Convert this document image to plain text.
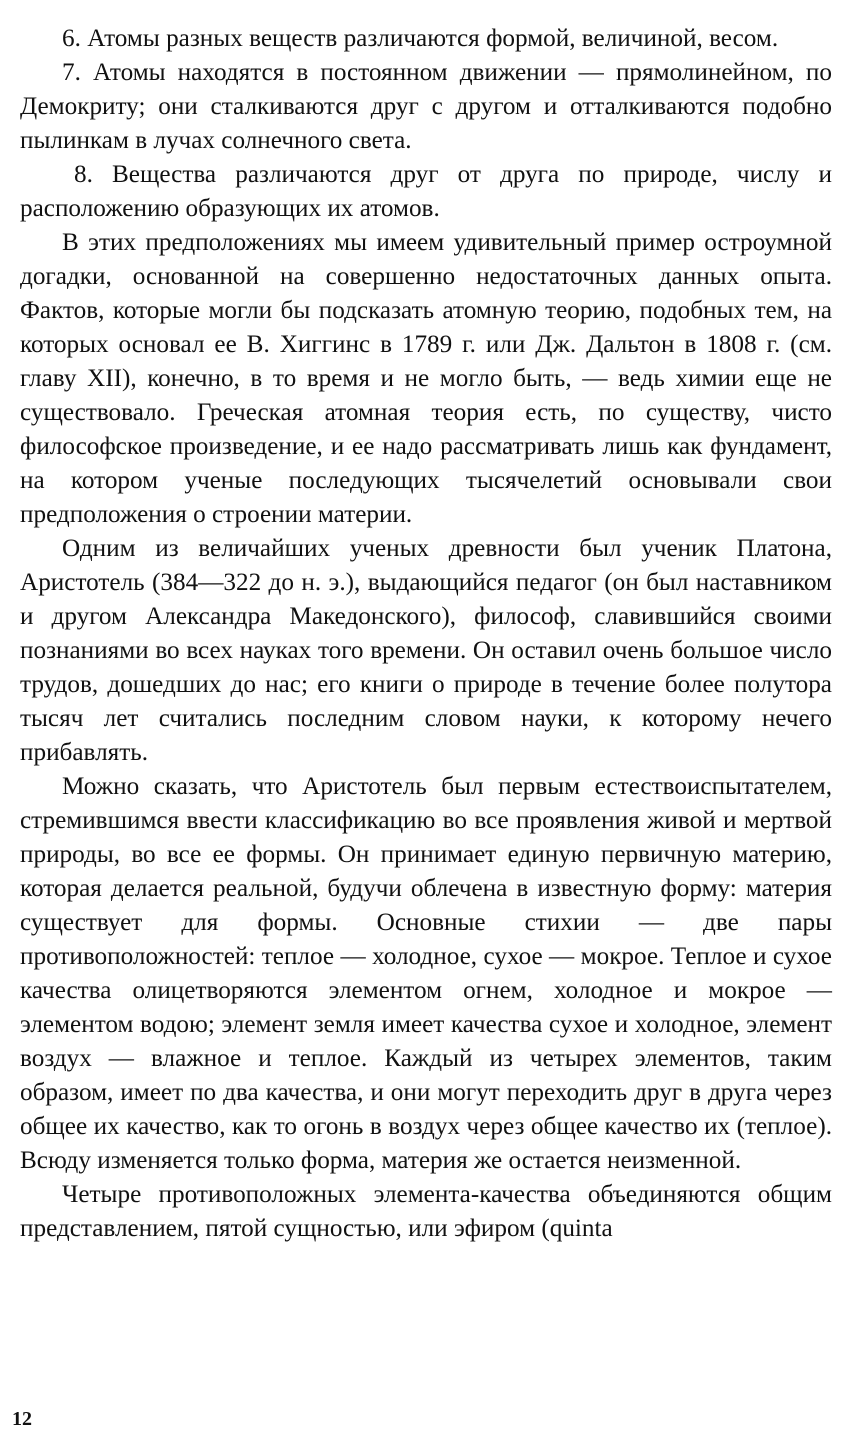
6. Атомы разных веществ различаются формой, величиной, весом.

7. Атомы находятся в постоянном движении — прямолинейном, по Демокриту; они сталкиваются друг с другом и отталкиваются подобно пылинкам в лучах солнечного света.

8. Вещества различаются друг от друга по природе, числу и расположению образующих их атомов.

В этих предположениях мы имеем удивительный пример остроумной догадки, основанной на совершенно недостаточных данных опыта. Фактов, которые могли бы подсказать атомную теорию, подобных тем, на которых основал ее В. Хиггинс в 1789 г. или Дж. Дальтон в 1808 г. (см. главу XII), конечно, в то время и не могло быть, — ведь химии еще не существовало. Греческая атомная теория есть, по существу, чисто философское произведение, и ее надо рассматривать лишь как фундамент, на котором ученые последующих тысячелетий основывали свои предположения о строении материи.

Одним из величайших ученых древности был ученик Платона, Аристотель (384—322 до н. э.), выдающийся педагог (он был наставником и другом Александра Македонского), философ, славившийся своими познаниями во всех науках того времени. Он оставил очень большое число трудов, дошедших до нас; его книги о природе в течение более полутора тысяч лет считались последним словом науки, к которому нечего прибавлять.

Можно сказать, что Аристотель был первым естествоиспытателем, стремившимся ввести классификацию во все проявления живой и мертвой природы, во все ее формы. Он принимает единую первичную материю, которая делается реальной, будучи облечена в известную форму: материя существует для формы. Основные стихии — две пары противоположностей: теплое — холодное, сухое — мокрое. Теплое и сухое качества олицетворяются элементом огнем, холодное и мокрое — элементом водою; элемент земля имеет качества сухое и холодное, элемент воздух — влажное и теплое. Каждый из четырех элементов, таким образом, имеет по два качества, и они могут переходить друг в друга через общее их качество, как то огонь в воздух через общее качество их (теплое). Всюду изменяется только форма, материя же остается неизменной.

Четыре противоположных элемента-качества объединяются общим представлением, пятой сущностью, или эфиром (quinta

12
